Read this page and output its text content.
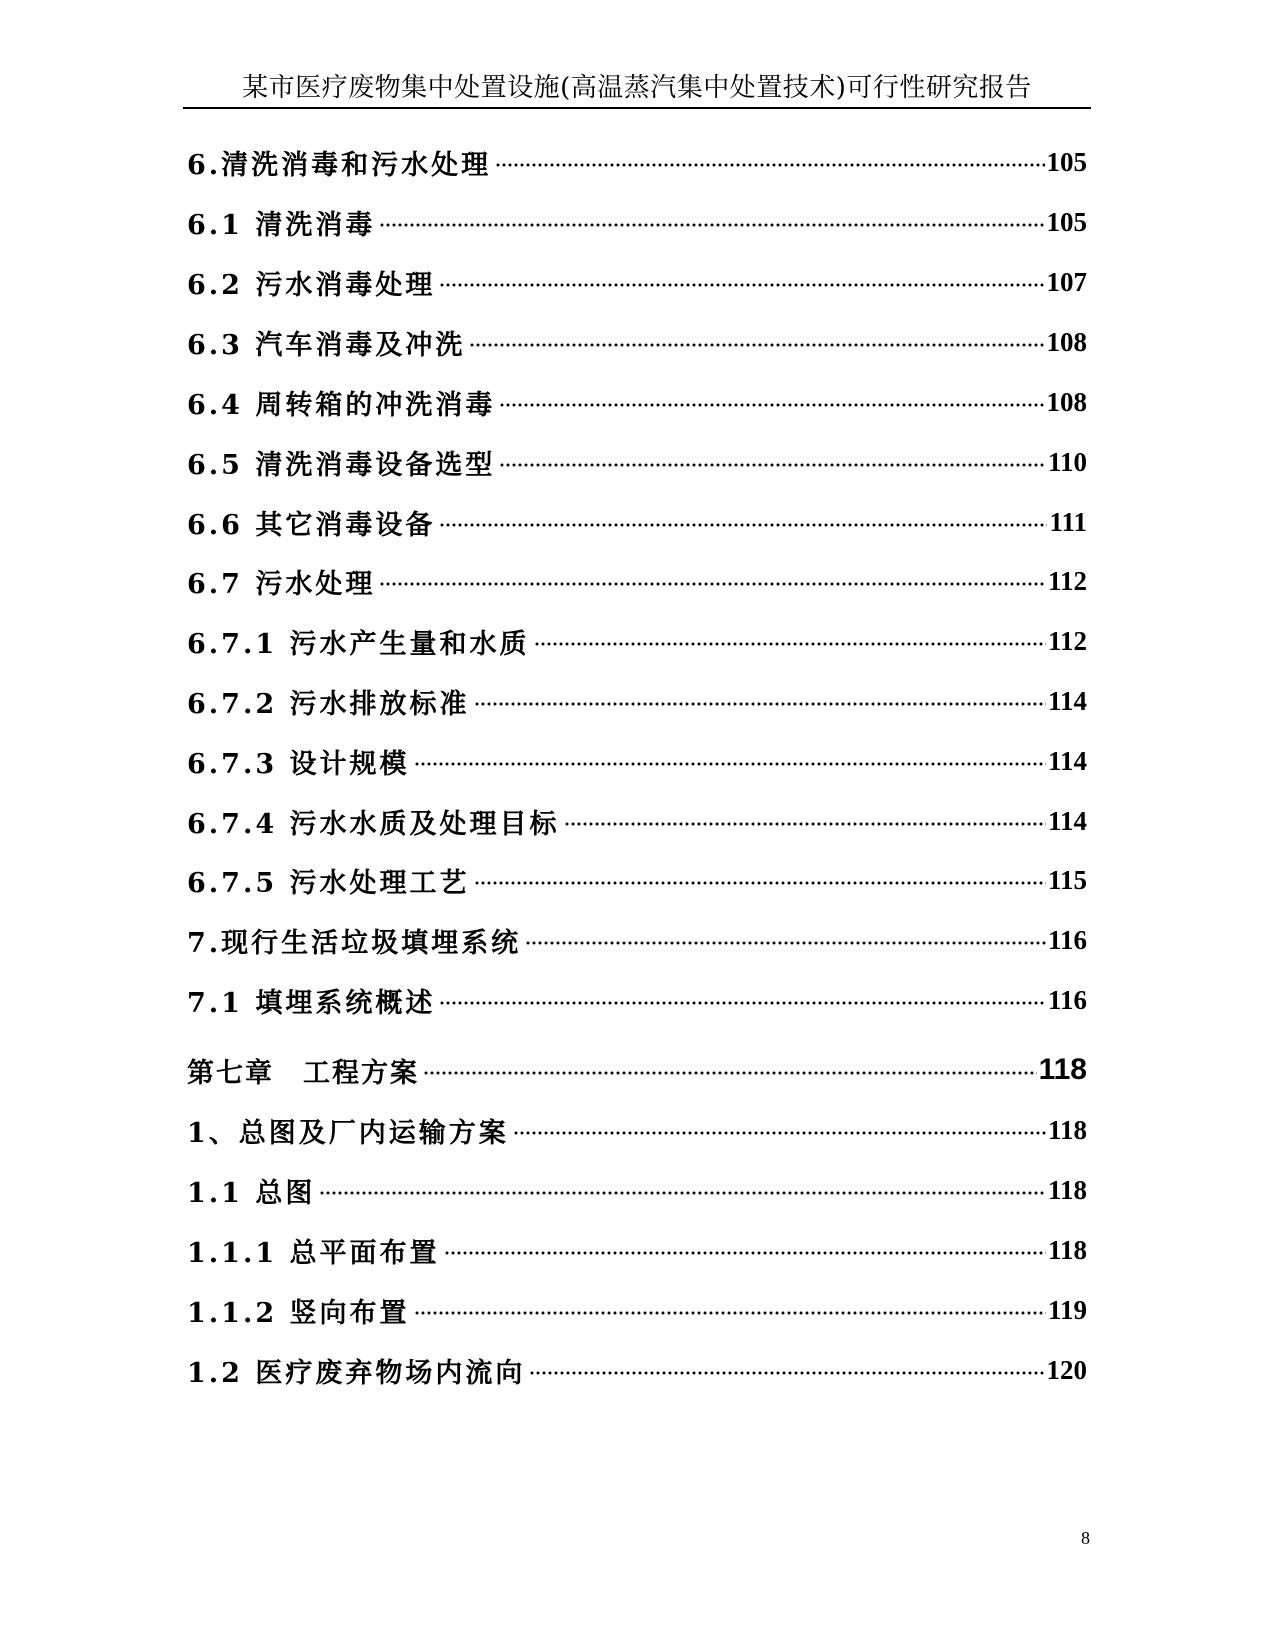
某市医疗废物集中处置设施(高温蒸汽集中处置技术)可行性研究报告
6.清洗消毒和污水处理	105
6.1 清洗消毒	105
6.2 污水消毒处理	107
6.3 汽车消毒及冲洗	108
6.4 周转箱的冲洗消毒	108
6.5 清洗消毒设备选型	110
6.6 其它消毒设备	111
6.7 污水处理	112
6.7.1 污水产生量和水质	112
6.7.2 污水排放标准	114
6.7.3 设计规模	114
6.7.4 污水水质及处理目标	114
6.7.5 污水处理工艺	115
7.现行生活垃圾填埋系统	116
7.1 填埋系统概述	116
第七章　工程方案	118
1、总图及厂内运输方案	118
1.1 总图	118
1.1.1 总平面布置	118
1.1.2 竖向布置	119
1.2 医疗废弃物场内流向	120
8
